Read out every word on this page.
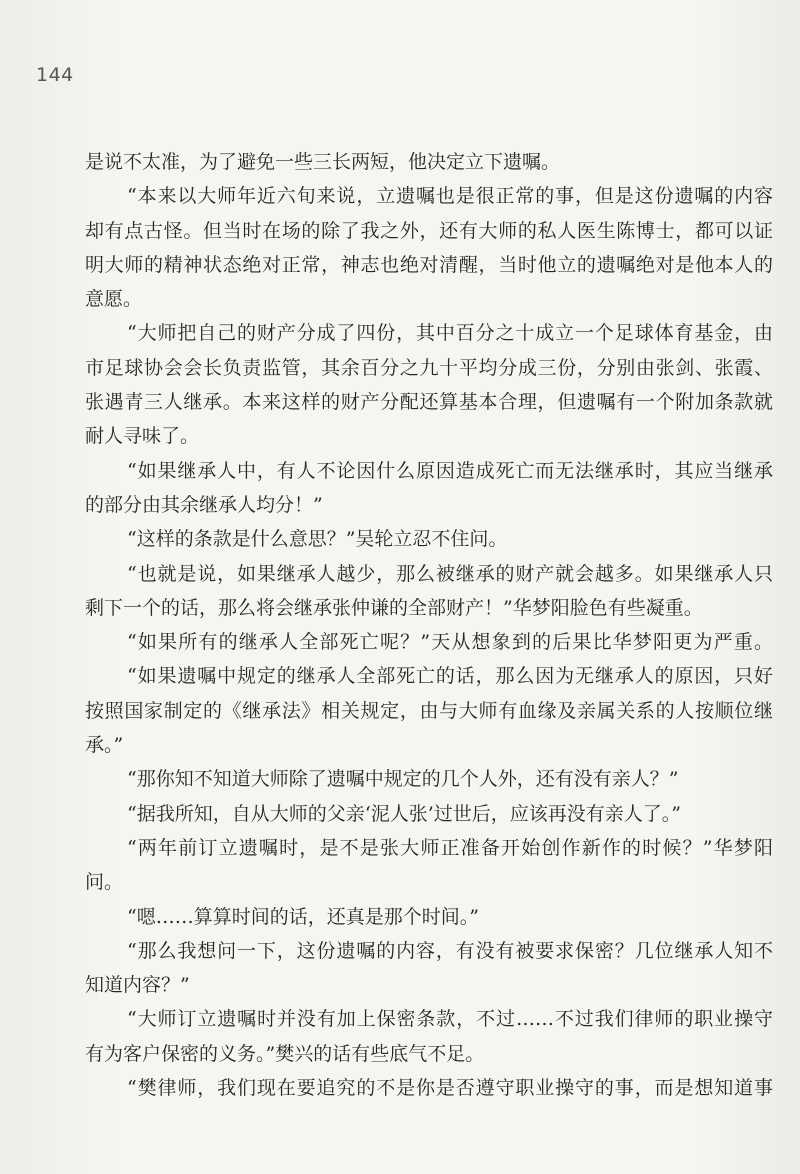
144
是说不太准，为了避免一些三长两短，他决定立下遗嘱。
“本来以大师年近六旬来说，立遗嘱也是很正常的事，但是这份遗嘱的内容
却有点古怪。但当时在场的除了我之外，还有大师的私人医生陈博士，都可以证
明大师的精神状态绝对正常，神志也绝对清醒，当时他立的遗嘱绝对是他本人的
意愿。
“大师把自己的财产分成了四份，其中百分之十成立一个足球体育基金，由
市足球协会会长负责监管，其余百分之九十平均分成三份，分别由张剑、张霞、
张遇青三人继承。本来这样的财产分配还算基本合理，但遗嘱有一个附加条款就
耐人寻味了。
“如果继承人中，有人不论因什么原因造成死亡而无法继承时，其应当继承
的部分由其余继承人均分！”
“这样的条款是什么意思？”吴轮立忍不住问。
“也就是说，如果继承人越少，那么被继承的财产就会越多。如果继承人只
剩下一个的话，那么将会继承张仲谦的全部财产！”华梦阳脸色有些凝重。
“如果所有的继承人全部死亡呢？”天从想象到的后果比华梦阳更为严重。
“如果遗嘱中规定的继承人全部死亡的话，那么因为无继承人的原因，只好
按照国家制定的《继承法》相关规定，由与大师有血缘及亲属关系的人按顺位继
承。”
“那你知不知道大师除了遗嘱中规定的几个人外，还有没有亲人？”
“据我所知，自从大师的父亲‘泥人张’过世后，应该再没有亲人了。”
“两年前订立遗嘱时，是不是张大师正准备开始创作新作的时候？”华梦阳
问。
“嗯……算算时间的话，还真是那个时间。”
“那么我想问一下，这份遗嘱的内容，有没有被要求保密？几位继承人知不
知道内容？”
“大师订立遗嘱时并没有加上保密条款，不过……不过我们律师的职业操守
有为客户保密的义务。”樊兴的话有些底气不足。
“樊律师，我们现在要追究的不是你是否遵守职业操守的事，而是想知道事
